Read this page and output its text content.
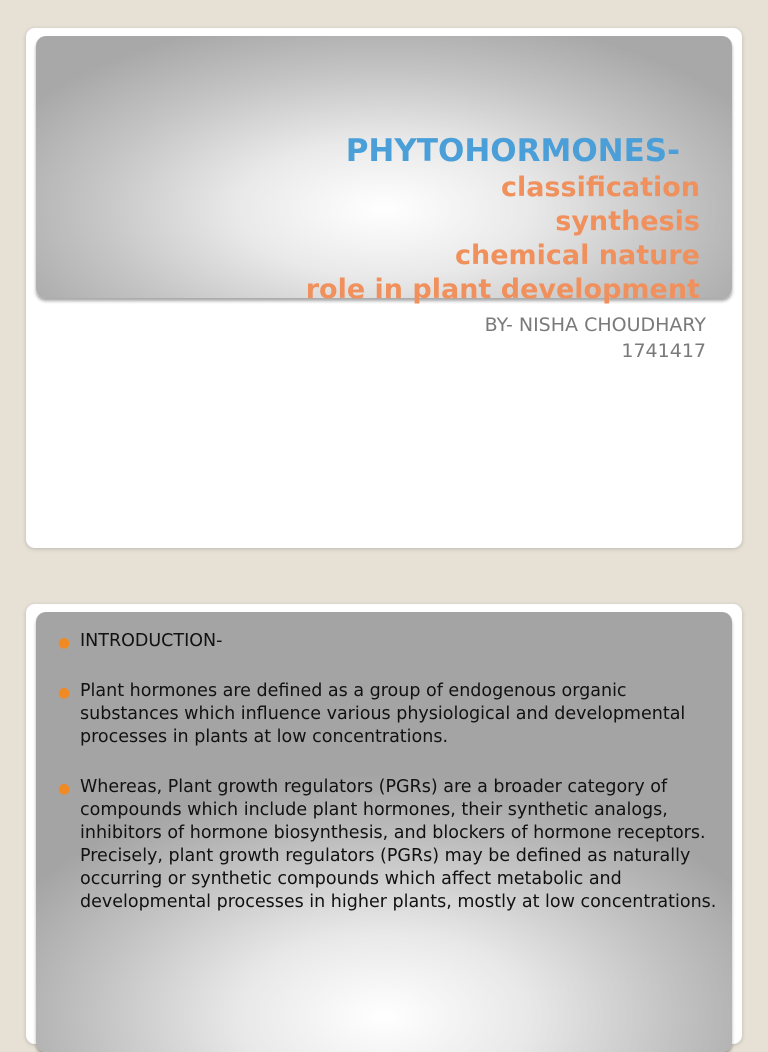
PHYTOHORMONES-
classification
synthesis
chemical nature
role in plant development
BY- NISHA CHOUDHARY
1741417
● INTRODUCTION-
● Plant hormones are defined as a group of endogenous organic substances which influence various physiological and developmental processes in plants at low concentrations.
● Whereas, Plant growth regulators (PGRs) are a broader category of compounds which include plant hormones, their synthetic analogs, inhibitors of hormone biosynthesis, and blockers of hormone receptors. Precisely, plant growth regulators (PGRs) may be defined as naturally occurring or synthetic compounds which affect metabolic and developmental processes in higher plants, mostly at low concentrations.
